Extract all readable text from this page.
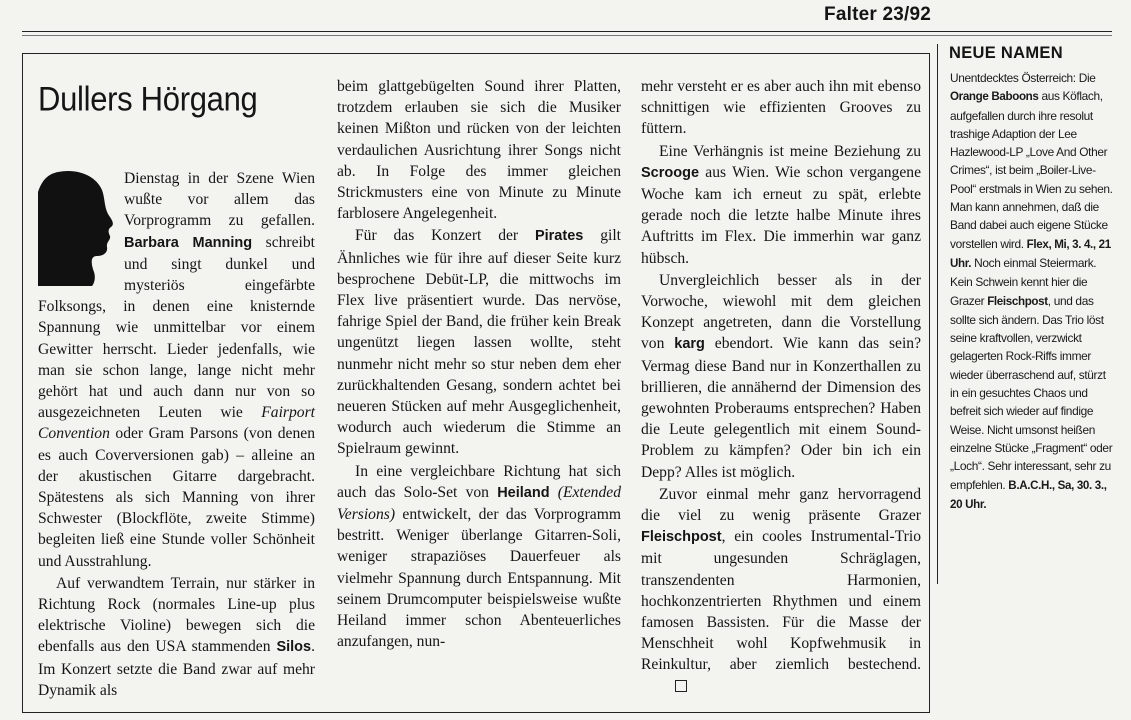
Falter 23/92
Dullers Hörgang

Dienstag in der Szene Wien wußte vor allem das Vorprogramm zu gefallen. Barbara Manning schreibt und singt dunkel und mysteriös eingefärbte Folksongs, in denen eine knisternde Spannung wie unmittelbar vor einem Gewitter herrscht. Lieder jedenfalls, wie man sie schon lange, lange nicht mehr gehört hat und auch dann nur von so ausgezeichneten Leuten wie Fairport Convention oder Gram Parsons (von denen es auch Coverversionen gab) – alleine an der akustischen Gitarre dargebracht. Spätestens als sich Manning von ihrer Schwester (Blockflöte, zweite Stimme) begleiten ließ eine Stunde voller Schönheit und Ausstrahlung.

Auf verwandtem Terrain, nur stärker in Richtung Rock (normales Line-up plus elektrische Violine) bewegen sich die ebenfalls aus den USA stammenden Silos. Im Konzert setzte die Band zwar auf mehr Dynamik als

beim glattgebügelten Sound ihrer Platten, trotzdem erlauben sie sich die Musiker keinen Mißton und rücken von der leichten verdaulichen Ausrichtung ihrer Songs nicht ab. In Folge des immer gleichen Strickmusters eine von Minute zu Minute farblosere Angelegenheit.

Für das Konzert der Pirates gilt Ähnliches wie für ihre auf dieser Seite kurz besprochene Debüt-LP, die mittwochs im Flex live präsentiert wurde. Das nervöse, fahrige Spiel der Band, die früher kein Break ungenützt liegen lassen wollte, steht nunmehr nicht mehr so stur neben dem eher zurückhaltenden Gesang, sondern achtet bei neueren Stücken auf mehr Ausgeglichenheit, wodurch auch wiederum die Stimme an Spielraum gewinnt.

In eine vergleichbare Richtung hat sich auch das Solo-Set von Heiland (Extended Versions) entwickelt, der das Vorprogramm bestritt. Weniger überlange Gitarren-Soli, weniger strapaziöses Dauerfeuer als vielmehr Spannung durch Entspannung. Mit seinem Drumcomputer beispielsweise wußte Heiland immer schon Abenteuerliches anzufangen, nun-

mehr versteht er es aber auch ihn mit ebenso schnittigen wie effizienten Grooves zu füttern.

Eine Verhängnis ist meine Beziehung zu Scrooge aus Wien. Wie schon vergangene Woche kam ich erneut zu spät, erlebte gerade noch die letzte halbe Minute ihres Auftritts im Flex. Die immerhin war ganz hübsch.

Unvergleichlich besser als in der Vorwoche, wiewohl mit dem gleichen Konzept angetreten, dann die Vorstellung von karg ebendort. Wie kann das sein? Vermag diese Band nur in Konzerthallen zu brillieren, die annähernd der Dimension des gewohnten Proberaums entsprechen? Haben die Leute gelegentlich mit einem Sound-Problem zu kämpfen? Oder bin ich ein Depp? Alles ist möglich.

Zuvor einmal mehr ganz hervorragend die viel zu wenig präsente Grazer Fleischpost, ein cooles Instrumental-Trio mit ungesunden Schräglagen, transzendenten Harmonien, hochkonzentrierten Rhythmen und einem famosen Bassisten. Für die Masse der Menschheit wohl Kopfwehmusik in Reinkultur, aber ziemlich bestechend.

NEUE NAMEN
Unentdecktes Österreich: Die Orange Baboons aus Köflach, aufgefallen durch ihre resolut trashige Adaption der Lee Hazlewood-LP „Love And Other Crimes“, ist beim „Boiler-Live-Pool“ erstmals in Wien zu sehen. Man kann annehmen, daß die Band dabei auch eigene Stücke vorstellen wird. Flex, Mi, 3. 4., 21 Uhr. Noch einmal Steiermark. Kein Schwein kennt hier die Grazer Fleischpost, und das sollte sich ändern. Das Trio löst seine kraftvollen, verzwickt gelagerten Rock-Riffs immer wieder überraschend auf, stürzt in ein gesuchtes Chaos und befreit sich wieder auf findige Weise. Nicht umsonst heißen einzelne Stücke „Fragment“ oder „Loch“. Sehr interessant, sehr zu empfehlen. B.A.C.H., Sa, 30. 3., 20 Uhr.
